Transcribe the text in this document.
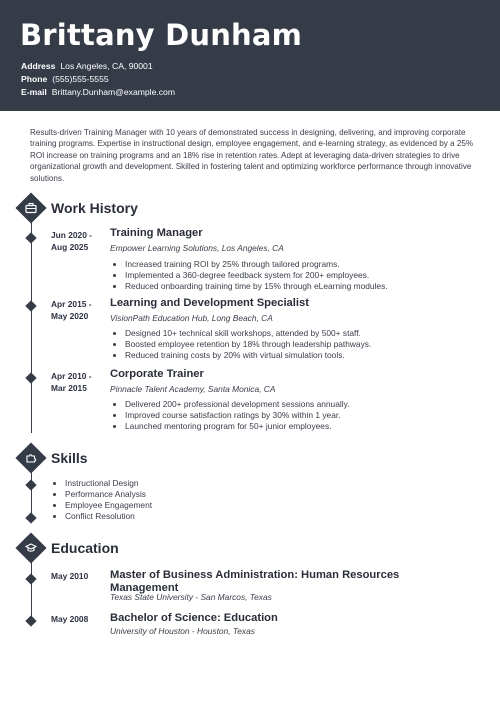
Brittany Dunham
Address Los Angeles, CA, 90001
Phone (555)555-5555
E-mail Brittany.Dunham@example.com
Results-driven Training Manager with 10 years of demonstrated success in designing, delivering, and improving corporate training programs. Expertise in instructional design, employee engagement, and e-learning strategy, as evidenced by a 25% ROI increase on training programs and an 18% rise in retention rates. Adept at leveraging data-driven strategies to drive organizational growth and development. Skilled in fostering talent and optimizing workforce performance through innovative solutions.
Work History
Jun 2020 -
Aug 2025
Training Manager
Empower Learning Solutions, Los Angeles, CA
• Increased training ROI by 25% through tailored programs.
• Implemented a 360-degree feedback system for 200+ employees.
• Reduced onboarding training time by 15% through eLearning modules.
Apr 2015 -
May 2020
Learning and Development Specialist
VisionPath Education Hub, Long Beach, CA
• Designed 10+ technical skill workshops, attended by 500+ staff.
• Boosted employee retention by 18% through leadership pathways.
• Reduced training costs by 20% with virtual simulation tools.
Apr 2010 -
Mar 2015
Corporate Trainer
Pinnacle Talent Academy, Santa Monica, CA
• Delivered 200+ professional development sessions annually.
• Improved course satisfaction ratings by 30% within 1 year.
• Launched mentoring program for 50+ junior employees.
Skills
• Instructional Design
• Performance Analysis
• Employee Engagement
• Conflict Resolution
Education
May 2010	Master of Business Administration: Human Resources Management
Texas State University - San Marcos, Texas
May 2008	Bachelor of Science: Education
University of Houston - Houston, Texas
